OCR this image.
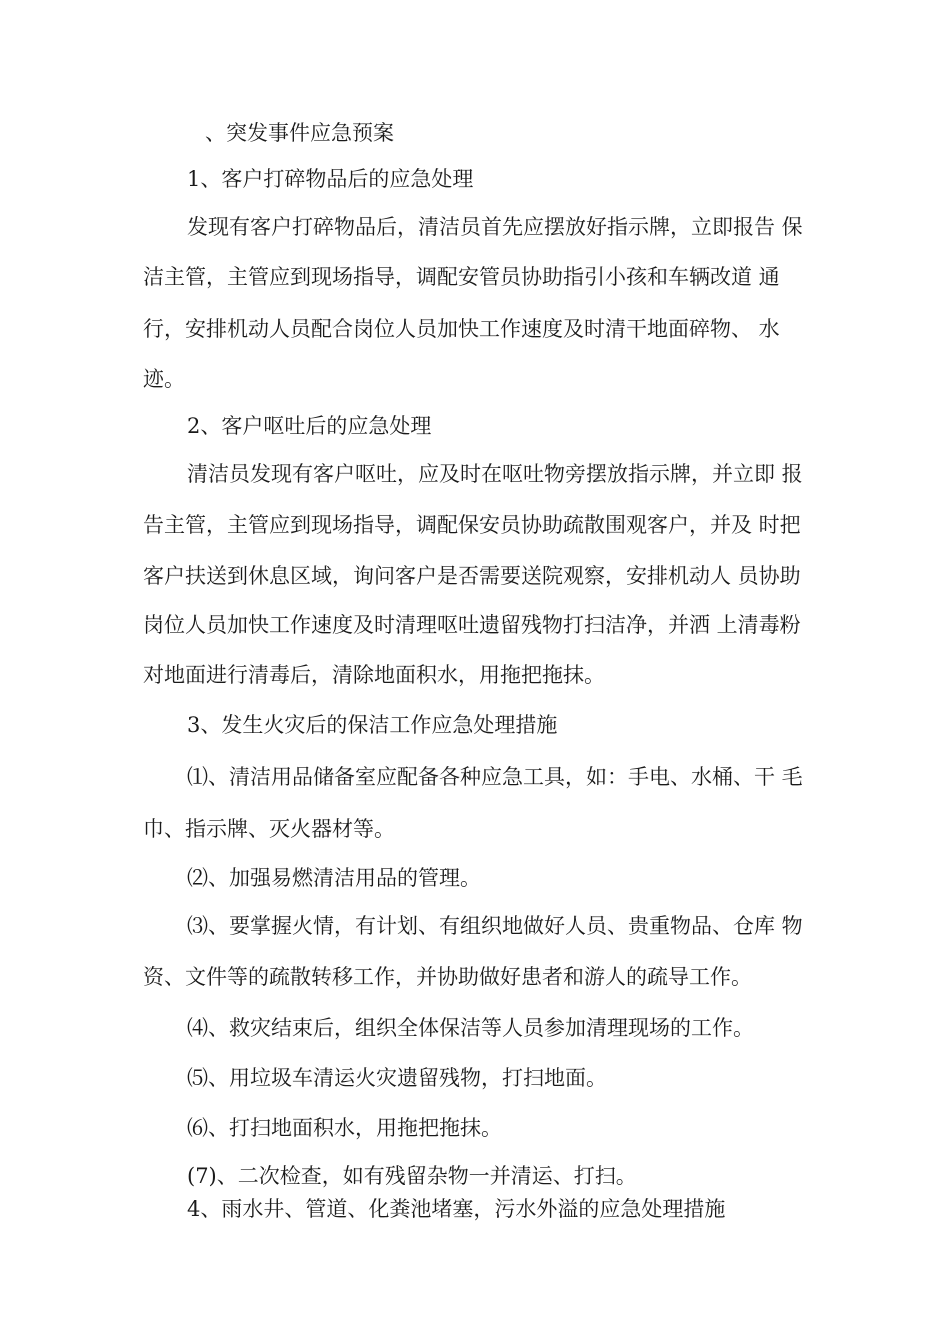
、突发事件应急预案
1、客户打碎物品后的应急处理
发现有客户打碎物品后，清洁员首先应摆放好指示牌，立即报告 保
洁主管，主管应到现场指导，调配安管员协助指引小孩和车辆改道 通
行，安排机动人员配合岗位人员加快工作速度及时清干地面碎物、 水
迹。
2、客户呕吐后的应急处理
清洁员发现有客户呕吐，应及时在呕吐物旁摆放指示牌，并立即 报
告主管，主管应到现场指导，调配保安员协助疏散围观客户，并及 时把
客户扶送到休息区域，询问客户是否需要送院观察，安排机动人 员协助
岗位人员加快工作速度及时清理呕吐遗留残物打扫洁净，并洒 上清毒粉
对地面进行清毒后，清除地面积水，用拖把拖抹。
3、发生火灾后的保洁工作应急处理措施
⑴、清洁用品储备室应配备各种应急工具，如：手电、水桶、干 毛
巾、指示牌、灭火器材等。
⑵、加强易燃清洁用品的管理。
⑶、要掌握火情，有计划、有组织地做好人员、贵重物品、仓库 物
资、文件等的疏散转移工作，并协助做好患者和游人的疏导工作。
⑷、救灾结束后，组织全体保洁等人员参加清理现场的工作。
⑸、用垃圾车清运火灾遗留残物，打扫地面。
⑹、打扫地面积水，用拖把拖抹。
(7)、二次检查，如有残留杂物一并清运、打扫。
4、雨水井、管道、化粪池堵塞，污水外溢的应急处理措施
